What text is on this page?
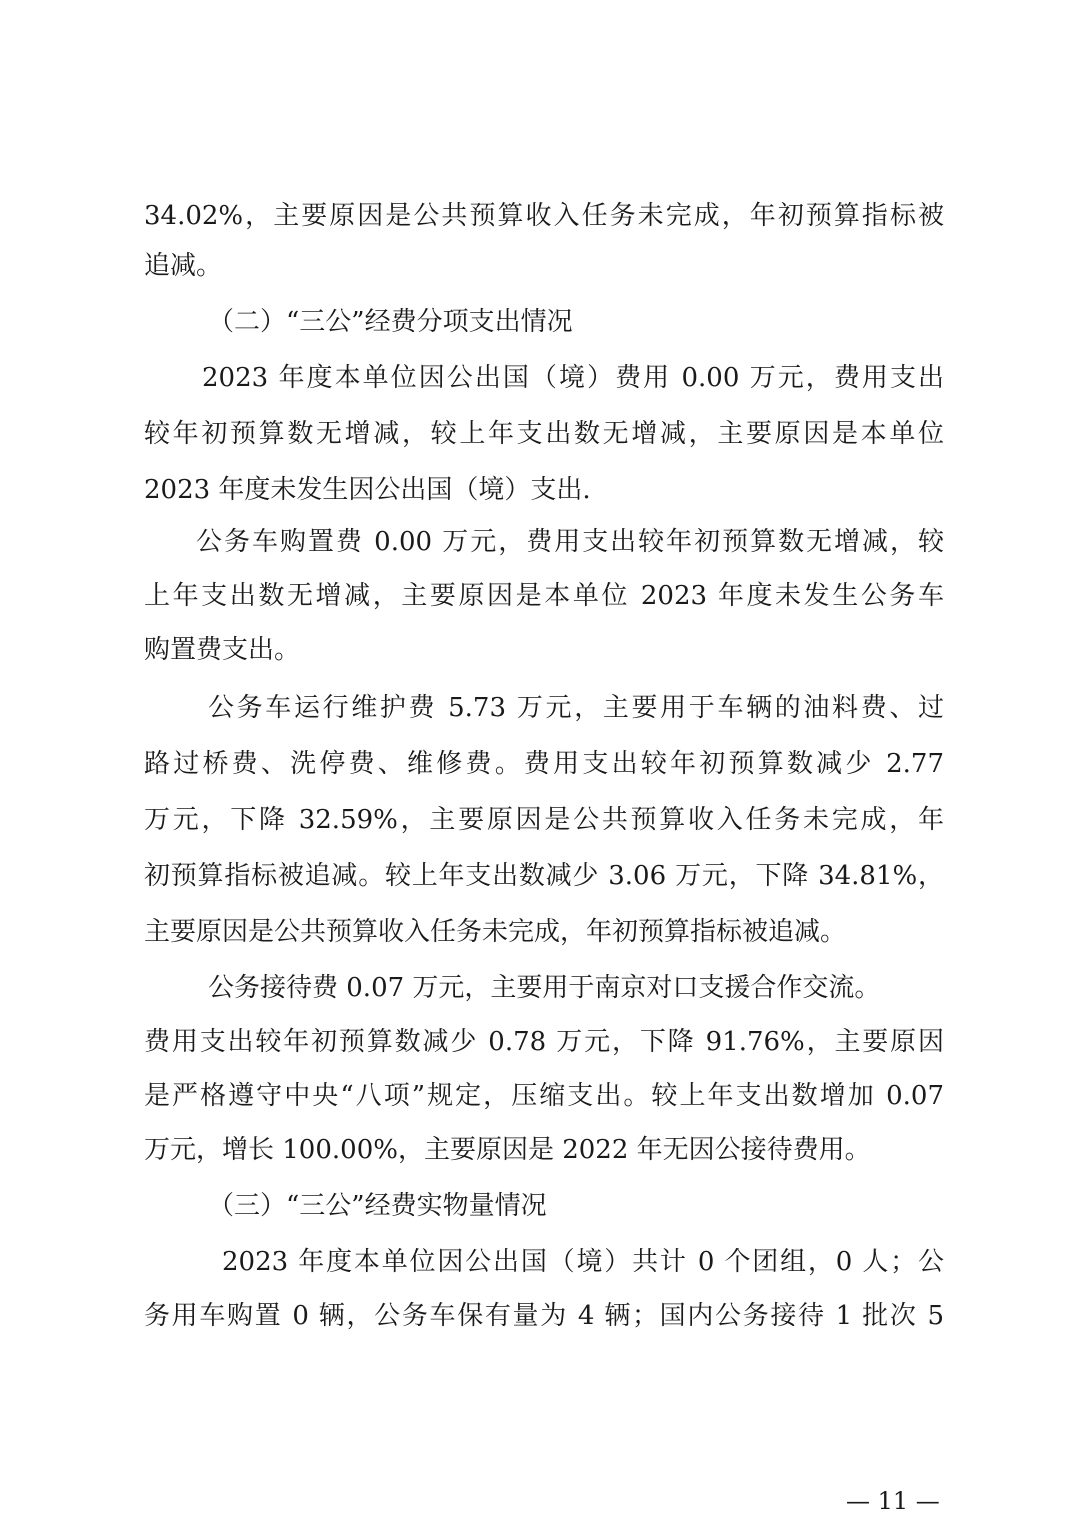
34.02%，主要原因是公共预算收入任务未完成，年初预算指标被
追减。
（二）“三公”经费分项支出情况
2023 年度本单位因公出国（境）费用 0.00 万元，费用支出
较年初预算数无增减，较上年支出数无增减，主要原因是本单位
2023 年度未发生因公出国（境）支出.
公务车购置费 0.00 万元，费用支出较年初预算数无增减，较
上年支出数无增减，主要原因是本单位 2023 年度未发生公务车
购置费支出。
公务车运行维护费 5.73 万元，主要用于车辆的油料费、过
路过桥费、洗停费、维修费。费用支出较年初预算数减少 2.77
万元，下降 32.59%，主要原因是公共预算收入任务未完成，年
初预算指标被追减。较上年支出数减少 3.06 万元，下降 34.81%，
主要原因是公共预算收入任务未完成，年初预算指标被追减。
公务接待费 0.07 万元，主要用于南京对口支援合作交流。
费用支出较年初预算数减少 0.78 万元，下降 91.76%，主要原因
是严格遵守中央“八项”规定，压缩支出。较上年支出数增加 0.07
万元，增长 100.00%，主要原因是 2022 年无因公接待费用。
（三）“三公”经费实物量情况
2023 年度本单位因公出国（境）共计 0 个团组，0 人；公
务用车购置 0 辆，公务车保有量为 4 辆；国内公务接待 1 批次 5
— 11 —
